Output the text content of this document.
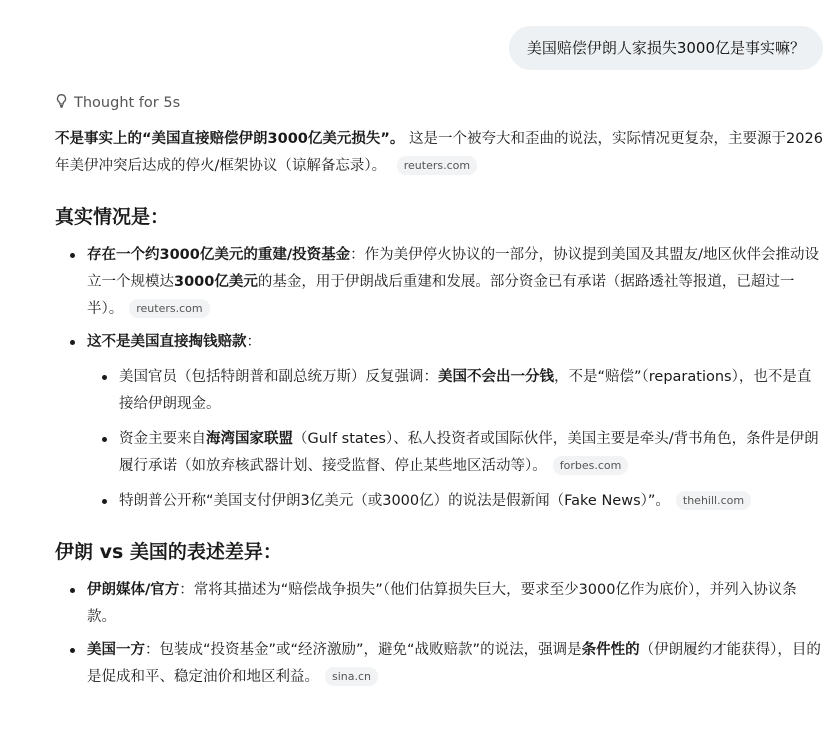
美国赔偿伊朗人家损失3000亿是事实嘛？
Thought for 5s

不是事实上的“美国直接赔偿伊朗3000亿美元损失”。 这是一个被夸大和歪曲的说法，实际情况更复杂，主要源于2026年美伊冲突后达成的停火/框架协议（谅解备忘录）。 reuters.com

真实情况是：
存在一个约3000亿美元的重建/投资基金：作为美伊停火协议的一部分，协议提到美国及其盟友/地区伙伴会推动设立一个规模达3000亿美元的基金，用于伊朗战后重建和发展。部分资金已有承诺（据路透社等报道，已超过一半）。 reuters.com
这不是美国直接掏钱赔款：
美国官员（包括特朗普和副总统万斯）反复强调：美国不会出一分钱，不是“赔偿”（reparations），也不是直接给伊朗现金。
资金主要来自海湾国家联盟（Gulf states）、私人投资者或国际伙伴，美国主要是牵头/背书角色，条件是伊朗履行承诺（如放弃核武器计划、接受监督、停止某些地区活动等）。 forbes.com
特朗普公开称“美国支付伊朗3亿美元（或3000亿）的说法是假新闻（Fake News）”。 thehill.com
伊朗 vs 美国的表述差异：
伊朗媒体/官方：常将其描述为“赔偿战争损失”（他们估算损失巨大，要求至少3000亿作为底价），并列入协议条款。
美国一方：包装成“投资基金”或“经济激励”，避免“战败赔款”的说法，强调是条件性的（伊朗履约才能获得），目的是促成和平、稳定油价和地区利益。 sina.cn
